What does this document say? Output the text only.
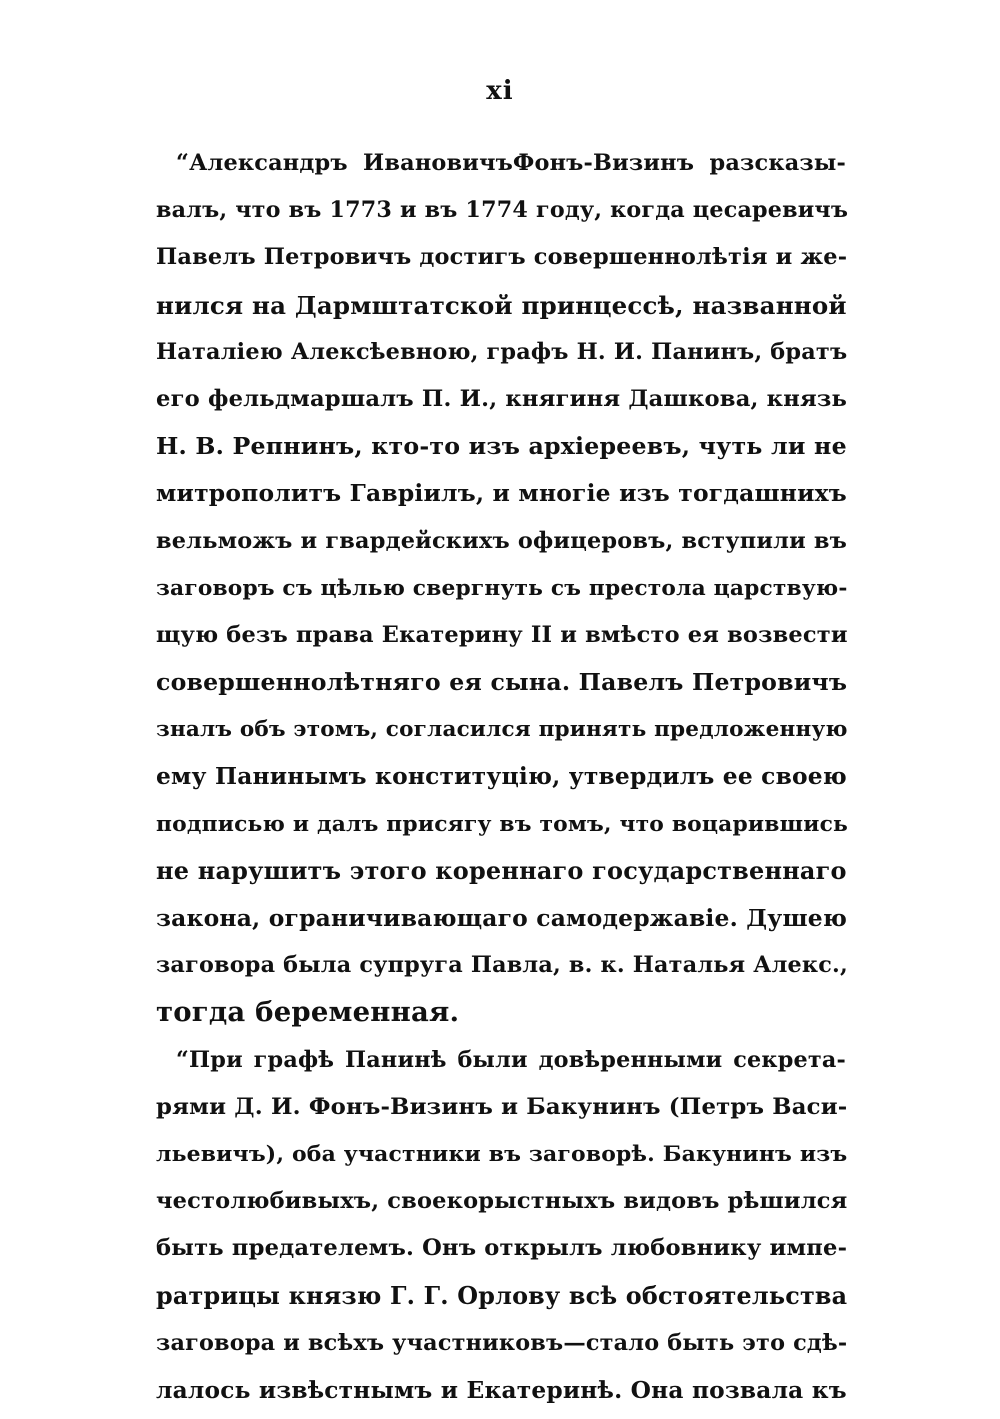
xi
“Александръ ИвановичъФонъ-Визинъ разсказы-
валъ, что въ 1773 и въ 1774 году, когда цесаревичъ
Павелъ Петровичъ достигъ совершеннолѣтія и же-
нился на Дармштатской принцессѣ, названной
Наталіею Алексѣевною, графъ Н. И. Панинъ, братъ
его фельдмаршалъ П. И., княгиня Дашкова, князь
Н. В. Репнинъ, кто-то изъ архіереевъ, чуть ли не
митрополитъ Гавріилъ, и многіе изъ тогдашнихъ
вельможъ и гвардейскихъ офицеровъ, вступили въ
заговоръ съ цѣлью свергнуть съ престола царствую-
щую безъ права Екатерину II и вмѣсто ея возвести
совершеннолѣтняго ея сына. Павелъ Петровичъ
зналъ объ этомъ, согласился принять предложенную
ему Панинымъ конституцію, утвердилъ ее своею
подписью и далъ присягу въ томъ, что воцарившись
не нарушитъ этого кореннаго государственнаго
закона, ограничивающаго самодержавіе. Душею
заговора была супруга Павла, в. к. Наталья Алекс.,
тогда беременная.
“При графѣ Панинѣ были довѣренными секрета-
рями Д. И. Фонъ-Визинъ и Бакунинъ (Петръ Васи-
льевичъ), оба участники въ заговорѣ. Бакунинъ изъ
честолюбивыхъ, своекорыстныхъ видовъ рѣшился
быть предателемъ. Онъ открылъ любовнику импе-
ратрицы князю Г. Г. Орлову всѣ обстоятельства
заговора и всѣхъ участниковъ—стало быть это сдѣ-
лалось извѣстнымъ и Екатеринѣ. Она позвала къ
